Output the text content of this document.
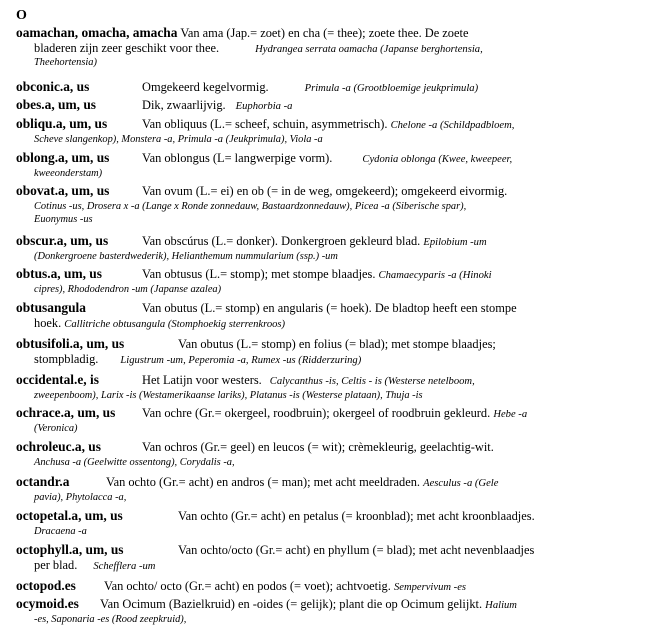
O
oamachan, omacha, amacha Van ama (Jap.= zoet) en cha (= thee); zoete thee. De zoete
bladeren zijn zeer geschikt voor thee.	Hydrangea serrata oamacha (Japanse berghortensia,
Theehortensia)
obconic.a, us	Omgekeerd kegelvormig.	Primula -a (Grootbloemige jeukprimula)
obes.a, um, us	Dik, zwaarlijvig. Euphorbia -a
obliqu.a, um, us	Van obliquus (L.= scheef, schuin, asymmetrisch). Chelone -a (Schildpadbloem,
Scheve slangenkop), Monstera -a, Primula -a (Jeukprimula), Viola -a
oblong.a, um, us	Van oblongus (L= langwerpige vorm).	Cydonia oblonga (Kwee, kweepeer,
kweeonderstam)
obovat.a, um, us	Van ovum (L.= ei) en ob (= in de weg, omgekeerd); omgekeerd eivormig.
Cotinus -us, Drosera x -a (Lange x Ronde zonnedauw, Bastaardzonnedauw), Picea -a (Siberische spar),
Euonymus -us
obscur.a, um, us	Van obscúrus (L.= donker). Donkergroen gekleurd blad. Epilobium -um
(Donkergroene basterdwederik), Helianthemum nummularium (ssp.) -um
obtus.a, um, us	Van obtusus (L.= stomp); met stompe blaadjes. Chamaecyparis -a (Hinoki
cipres), Rhododendron -um (Japanse azalea)
obtusangula	Van obutus (L.= stomp) en angularis (= hoek). De bladtop heeft een stompe
hoek. Callitriche obtusangula (Stomphoekig sterrenkroos)
obtusifoli.a, um, us	Van obutus (L.= stomp) en folius (= blad); met stompe blaadjes;
stompbladig. Ligustrum -um, Peperomia -a, Rumex -us (Ridderzuring)
occidental.e, is	Het Latijn voor westers. Calycanthus -is, Celtis - is (Westerse netelboom,
zweepenboom), Larix -is (Westamerikaanse lariks), Platanus -is (Westerse plataan), Thuja -is
ochrace.a, um, us Van ochre (Gr.= okergeel, roodbruin); okergeel of roodbruin gekleurd. Hebe -a
(Veronica)
ochroleuc.a, us	Van ochros (Gr.= geel) en leucos (= wit); crèmekleurig, geelachtig-wit.
Anchusa -a (Geelwitte ossentong), Corydalis -a,
octandr.a	Van ochto (Gr.= acht) en andros (= man); met acht meeldraden. Aesculus -a (Gele
pavia), Phytolacca -a,
octopetal.a, um, us	Van ochto (Gr.= acht) en petalus (= kroonblad); met acht kroonblaadjes.
Dracaena -a
octophyll.a, um, us	Van ochto/octo (Gr.= acht) en phyllum (= blad); met acht nevenblaadjes
per blad. Schefflera -um
octopod.es Van ochto/ octo (Gr.= acht) en podos (= voet); achtvoetig. Sempervivum -es
ocymoid.es Van Ocimum (Bazielkruid) en -oides (= gelijk); plant die op Ocimum gelijkt. Halium
-es, Saponaria -es (Rood zeepkruid),
